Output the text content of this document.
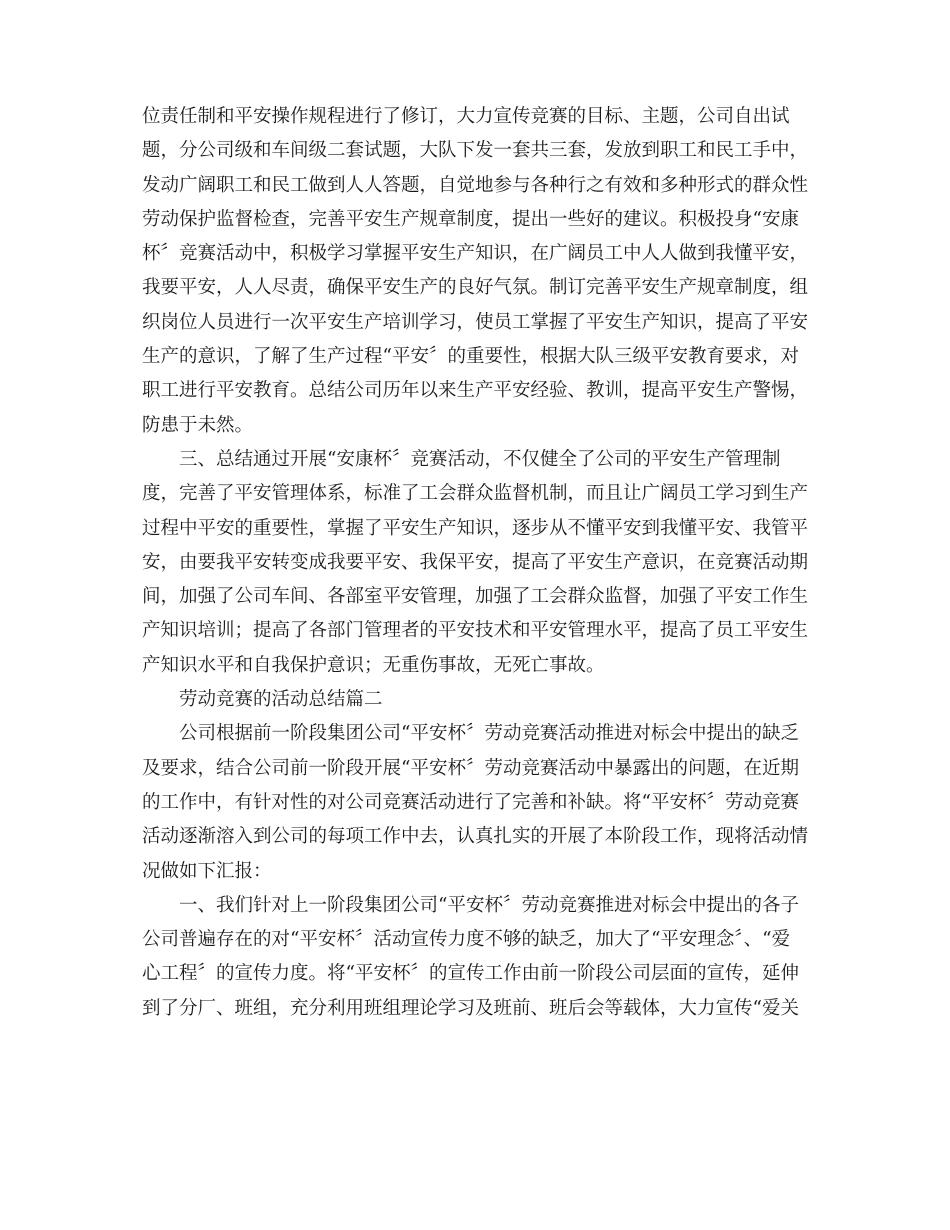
位责任制和平安操作规程进行了修订，大力宣传竞赛的目标、主题，公司自出试
题，分公司级和车间级二套试题，大队下发一套共三套，发放到职工和民工手中，
发动广阔职工和民工做到人人答题，自觉地参与各种行之有效和多种形式的群众性
劳动保护监督检查，完善平安生产规章制度，提出一些好的建议。积极投身“安康
杯〞竞赛活动中，积极学习掌握平安生产知识，在广阔员工中人人做到我懂平安，
我要平安，人人尽责，确保平安生产的良好气氛。制订完善平安生产规章制度，组
织岗位人员进行一次平安生产培训学习，使员工掌握了平安生产知识，提高了平安
生产的意识，了解了生产过程“平安〞的重要性，根据大队三级平安教育要求，对
职工进行平安教育。总结公司历年以来生产平安经验、教训，提高平安生产警惕，
防患于未然。
三、总结通过开展“安康杯〞竞赛活动，不仅健全了公司的平安生产管理制
度，完善了平安管理体系，标准了工会群众监督机制，而且让广阔员工学习到生产
过程中平安的重要性，掌握了平安生产知识，逐步从不懂平安到我懂平安、我管平
安，由要我平安转变成我要平安、我保平安，提高了平安生产意识，在竞赛活动期
间，加强了公司车间、各部室平安管理，加强了工会群众监督，加强了平安工作生
产知识培训；提高了各部门管理者的平安技术和平安管理水平，提高了员工平安生
产知识水平和自我保护意识；无重伤事故，无死亡事故。
劳动竞赛的活动总结篇二
公司根据前一阶段集团公司“平安杯〞劳动竞赛活动推进对标会中提出的缺乏
及要求，结合公司前一阶段开展“平安杯〞劳动竞赛活动中暴露出的问题，在近期
的工作中，有针对性的对公司竞赛活动进行了完善和补缺。将“平安杯〞劳动竞赛
活动逐渐溶入到公司的每项工作中去，认真扎实的开展了本阶段工作，现将活动情
况做如下汇报：
一、我们针对上一阶段集团公司“平安杯〞劳动竞赛推进对标会中提出的各子
公司普遍存在的对“平安杯〞活动宣传力度不够的缺乏，加大了“平安理念〞、“爱
心工程〞的宣传力度。将“平安杯〞的宣传工作由前一阶段公司层面的宣传，延伸
到了分厂、班组，充分利用班组理论学习及班前、班后会等载体，大力宣传“爱关
